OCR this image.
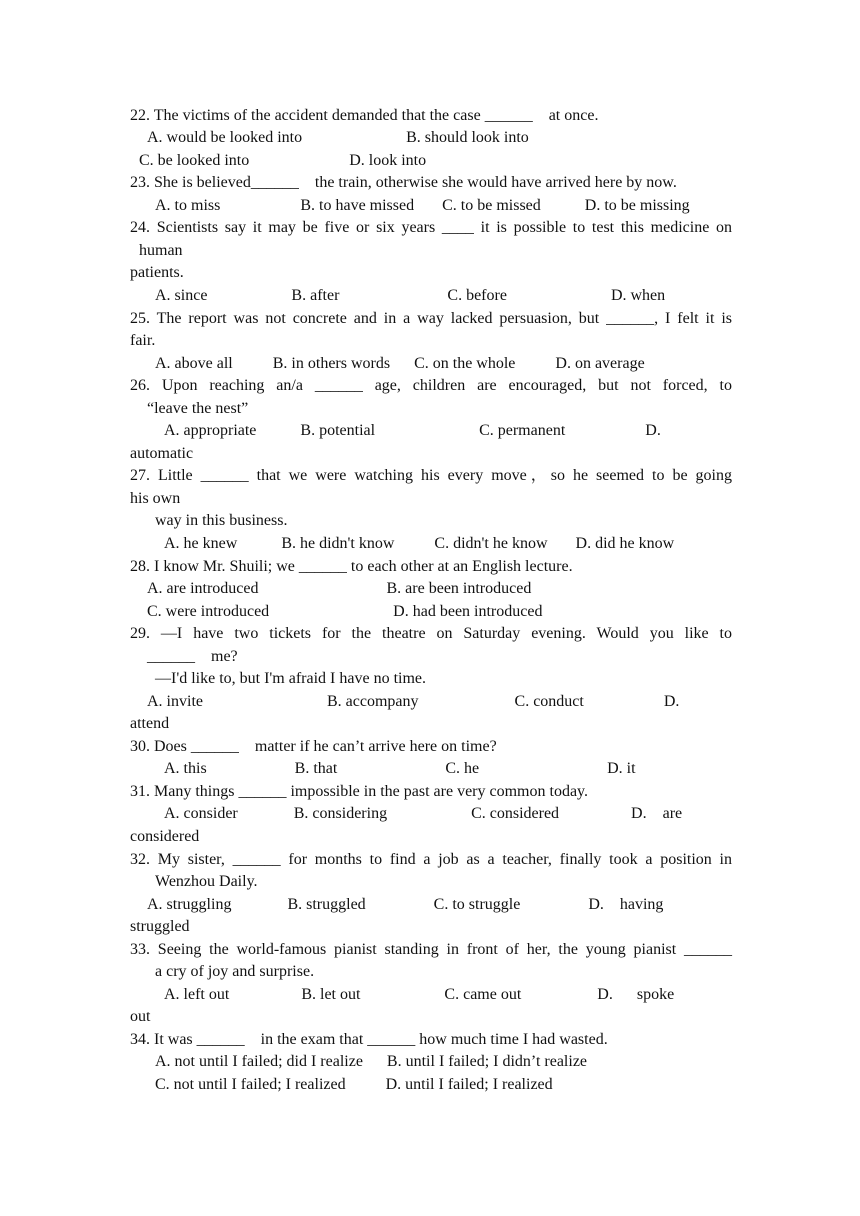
22. The victims of the accident demanded that the case ______    at once.
A. would be looked into                          B. should look into
C. be looked into                         D. look into
23. She is believed______    the train, otherwise she would have arrived here by now.
A. to miss                    B. to have missed       C. to be missed           D. to be missing
24. Scientists say it may be five or six years ____ it is possible to test this medicine on
human
patients.
A. since                     B. after                           C. before                          D. when
25. The report was not concrete and in a way lacked persuasion, but ______, I felt it is
fair.
A. above all          B. in others words      C. on the whole          D. on average
26. Upon reaching an/a ______ age, children are encouraged, but not forced, to
“leave the nest”
A. appropriate           B. potential                          C. permanent                    D.
automatic
27. Little ______ that we were watching his every move，so he seemed to be going
his own
way in this business.
A. he knew           B. he didn't know          C. didn't he know       D. did he know
28. I know Mr. Shuili; we ______ to each other at an English lecture.
A. are introduced                                B. are been introduced
C. were introduced                               D. had been introduced
29. —I have two tickets for the theatre on Saturday evening. Would you like to
______    me?
—I'd like to, but I'm afraid I have no time.
A. invite                               B. accompany                        C. conduct                    D.
attend
30. Does ______    matter if he can’t arrive here on time?
A. this                      B. that                           C. he                                D. it
31. Many things ______ impossible in the past are very common today.
A. consider              B. considering                     C. considered                  D.    are
considered
32. My sister, ______ for months to find a job as a teacher, finally took a position in
Wenzhou Daily.
A. struggling              B. struggled                 C. to struggle                 D.    having
struggled
33. Seeing the world-famous pianist standing in front of her, the young pianist ______
a cry of joy and surprise.
A. left out                  B. let out                     C. came out                   D.      spoke
out
34. It was ______    in the exam that ______ how much time I had wasted.
A. not until I failed; did I realize      B. until I failed; I didn’t realize
C. not until I failed; I realized          D. until I failed; I realized
